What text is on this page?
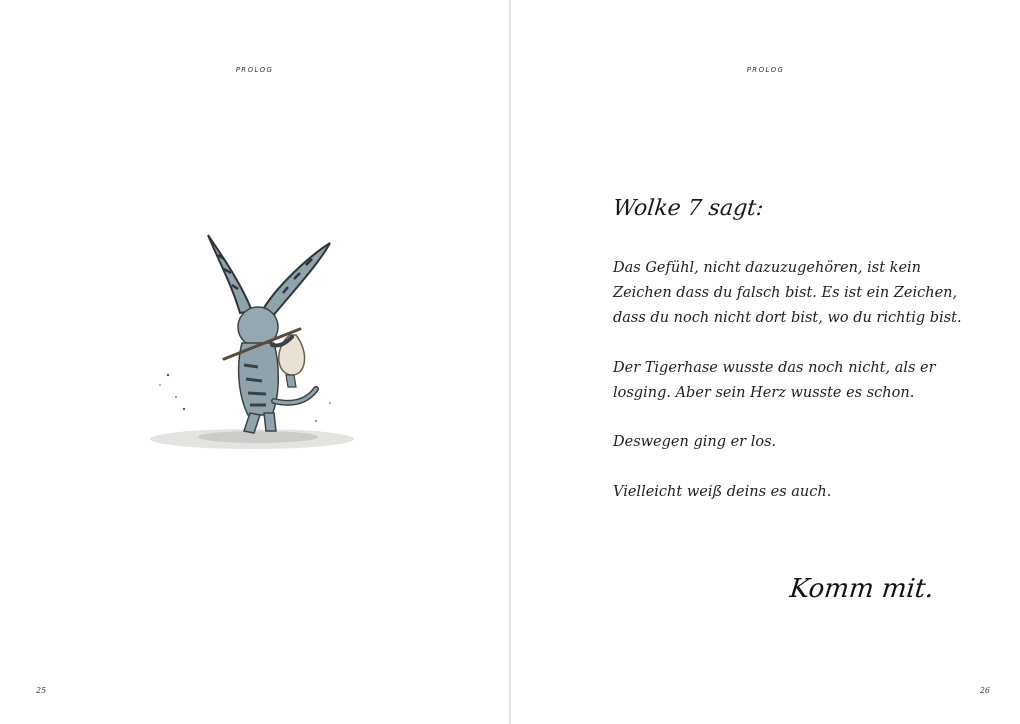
PROLOG
25
PROLOG
Wolke 7 sagt:
Das Gefühl, nicht dazuzugehören, ist kein
Zeichen dass du falsch bist. Es ist ein Zeichen,
dass du noch nicht dort bist, wo du richtig bist.
Der Tigerhase wusste das noch nicht, als er
losging. Aber sein Herz wusste es schon.
Deswegen ging er los.
Vielleicht weiß deins es auch.
Komm mit.
26
